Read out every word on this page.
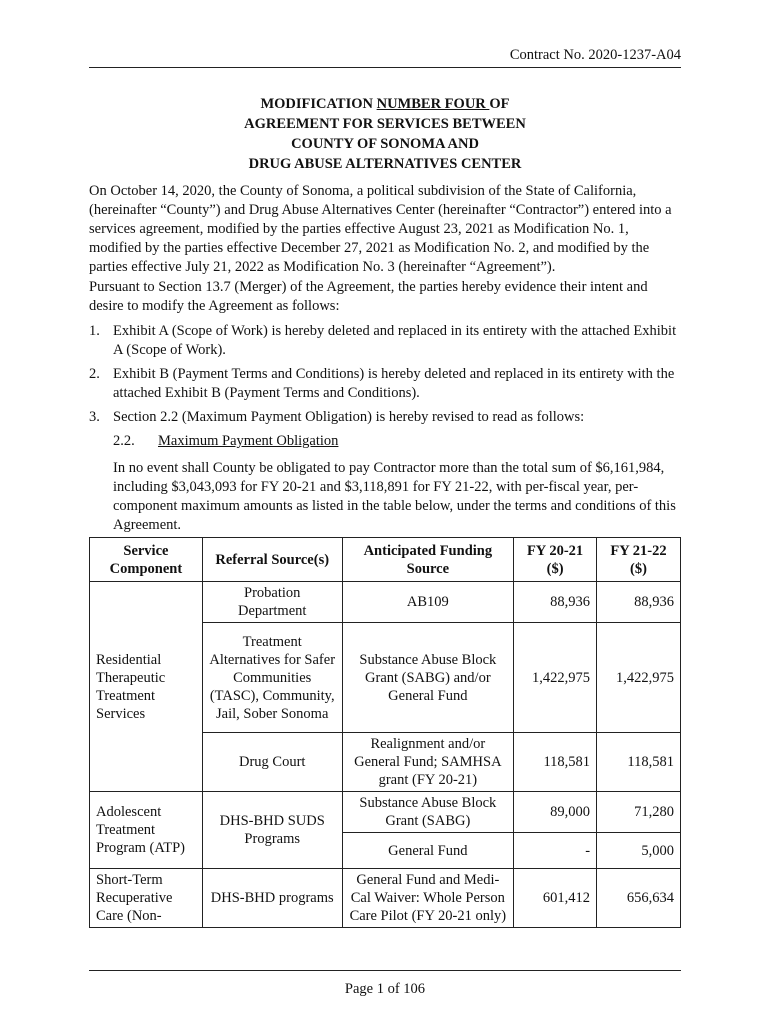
Contract No. 2020-1237-A04
MODIFICATION NUMBER FOUR OF
AGREEMENT FOR SERVICES BETWEEN
COUNTY OF SONOMA AND
DRUG ABUSE ALTERNATIVES CENTER
On October 14, 2020, the County of Sonoma, a political subdivision of the State of California, (hereinafter “County”) and Drug Abuse Alternatives Center (hereinafter “Contractor”) entered into a services agreement, modified by the parties effective August 23, 2021 as Modification No. 1, modified by the parties effective December 27, 2021 as Modification No. 2, and modified by the parties effective July 21, 2022 as Modification No. 3 (hereinafter “Agreement”).
Pursuant to Section 13.7 (Merger) of the Agreement, the parties hereby evidence their intent and desire to modify the Agreement as follows:
1. Exhibit A (Scope of Work) is hereby deleted and replaced in its entirety with the attached Exhibit A (Scope of Work).
2. Exhibit B (Payment Terms and Conditions) is hereby deleted and replaced in its entirety with the attached Exhibit B (Payment Terms and Conditions).
3. Section 2.2 (Maximum Payment Obligation) is hereby revised to read as follows:
2.2. Maximum Payment Obligation
In no event shall County be obligated to pay Contractor more than the total sum of $6,161,984, including $3,043,093 for FY 20-21 and $3,118,891 for FY 21-22, with per-fiscal year, per-component maximum amounts as listed in the table below, under the terms and conditions of this Agreement.
Service Component	Referral Source(s)	Anticipated Funding Source	FY 20-21 ($)	FY 21-22 ($)
Residential Therapeutic Treatment Services	Probation Department	AB109	88,936	88,936
	Treatment Alternatives for Safer Communities (TASC), Community, Jail, Sober Sonoma	Substance Abuse Block Grant (SABG) and/or General Fund	1,422,975	1,422,975
	Drug Court	Realignment and/or General Fund; SAMHSA grant (FY 20-21)	118,581	118,581
Adolescent Treatment Program (ATP)	DHS-BHD SUDS Programs	Substance Abuse Block Grant (SABG)	89,000	71,280
		General Fund	-	5,000
Short-Term Recuperative Care (Non-	DHS-BHD programs	General Fund and Medi-Cal Waiver: Whole Person Care Pilot (FY 20-21 only)	601,412	656,634
Page 1 of 106
